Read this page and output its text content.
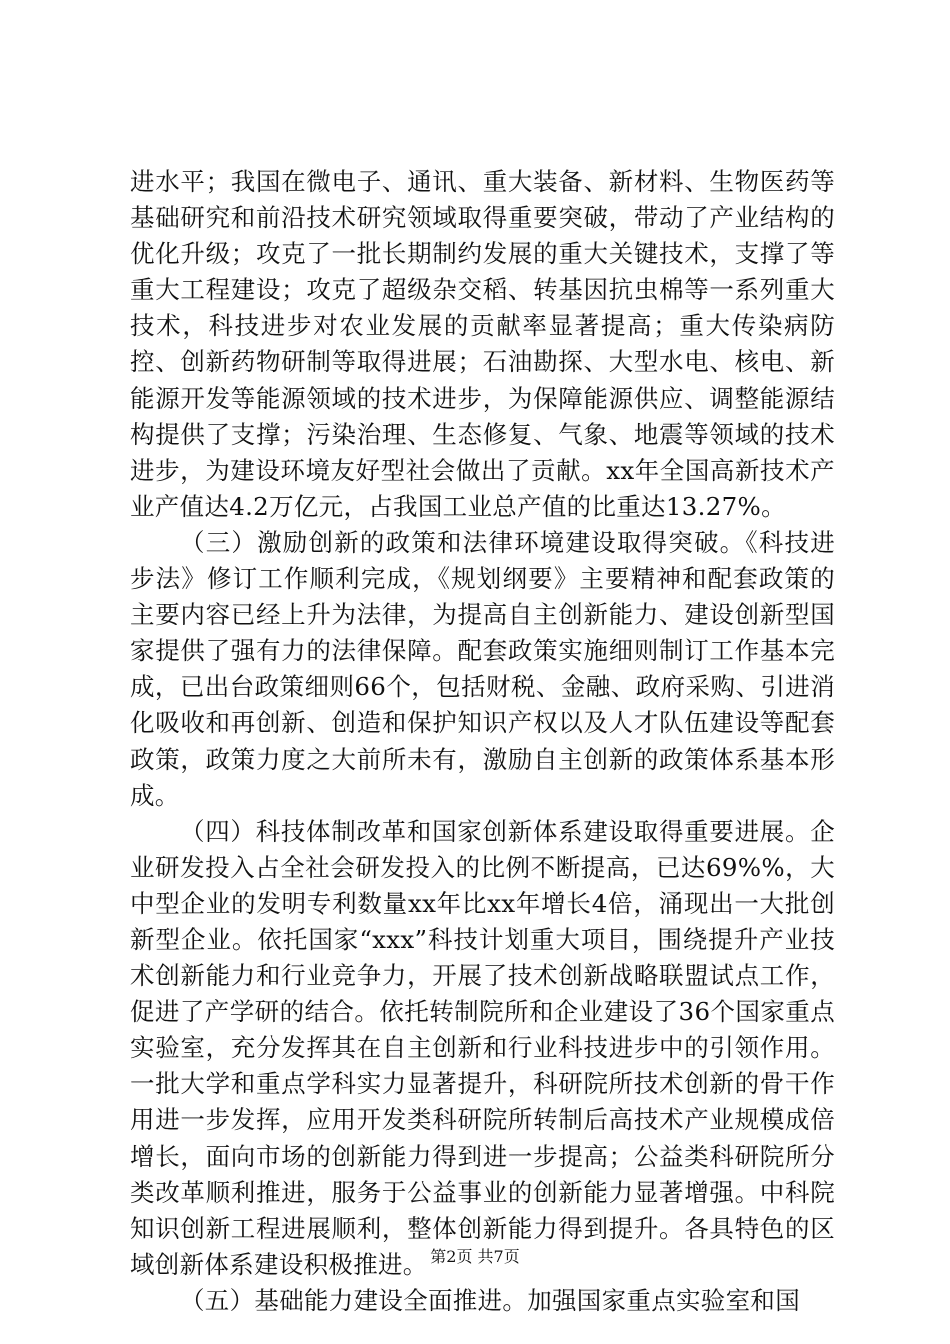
进水平；我国在微电子、通讯、重大装备、新材料、生物医药等基础研究和前沿技术研究领域取得重要突破，带动了产业结构的优化升级；攻克了一批长期制约发展的重大关键技术，支撑了等重大工程建设；攻克了超级杂交稻、转基因抗虫棉等一系列重大技术，科技进步对农业发展的贡献率显著提高；重大传染病防控、创新药物研制等取得进展；石油勘探、大型水电、核电、新能源开发等能源领域的技术进步，为保障能源供应、调整能源结构提供了支撑；污染治理、生态修复、气象、地震等领域的技术进步，为建设环境友好型社会做出了贡献。xx年全国高新技术产业产值达4.2万亿元，占我国工业总产值的比重达13.27%。

（三）激励创新的政策和法律环境建设取得突破。《科技进步法》修订工作顺利完成，《规划纲要》主要精神和配套政策的主要内容已经上升为法律，为提高自主创新能力、建设创新型国家提供了强有力的法律保障。配套政策实施细则制订工作基本完成，已出台政策细则66个，包括财税、金融、政府采购、引进消化吸收和再创新、创造和保护知识产权以及人才队伍建设等配套政策，政策力度之大前所未有，激励自主创新的政策体系基本形成。

（四）科技体制改革和国家创新体系建设取得重要进展。企业研发投入占全社会研发投入的比例不断提高，已达69%%，大中型企业的发明专利数量xx年比xx年增长4倍，涌现出一大批创新型企业。依托国家“xxx”科技计划重大项目，围绕提升产业技术创新能力和行业竞争力，开展了技术创新战略联盟试点工作，促进了产学研的结合。依托转制院所和企业建设了36个国家重点实验室，充分发挥其在自主创新和行业科技进步中的引领作用。一批大学和重点学科实力显著提升，科研院所技术创新的骨干作用进一步发挥，应用开发类科研院所转制后高技术产业规模成倍增长，面向市场的创新能力得到进一步提高；公益类科研院所分类改革顺利推进，服务于公益事业的创新能力显著增强。中科院知识创新工程进展顺利，整体创新能力得到提升。各具特色的区域创新体系建设积极推进。

（五）基础能力建设全面推进。加强国家重点实验室和国

第2页 共7页
